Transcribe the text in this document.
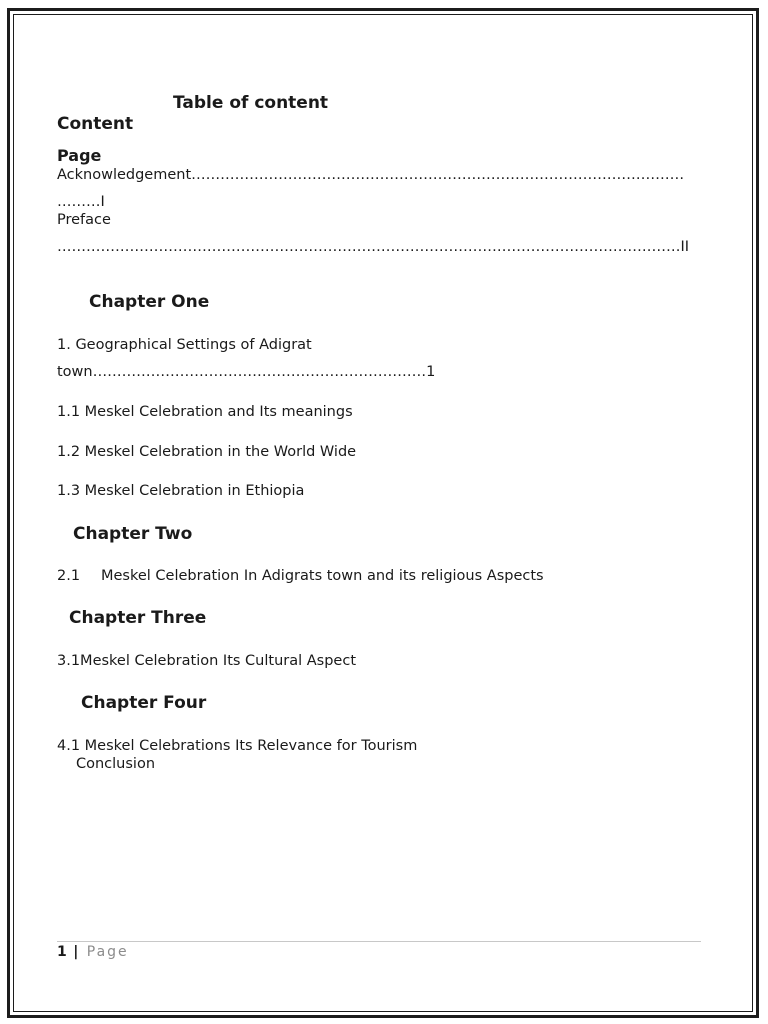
Table of content
Content
Page
Acknowledgement…………………………………………………………………………………………
………I
Preface
…………………………………………………………………………………………………………………II
Chapter One
1. Geographical Settings of Adigrat
town……………………………………………………………1
1.1 Meskel Celebration and Its meanings
1.2 Meskel Celebration in the World Wide
1.3 Meskel Celebration in Ethiopia
Chapter Two
2.1 Meskel Celebration In Adigrats town and its religious Aspects
Chapter Three
3.1Meskel Celebration Its Cultural Aspect
Chapter Four
4.1 Meskel Celebrations Its Relevance for Tourism
Conclusion
1 | Page
